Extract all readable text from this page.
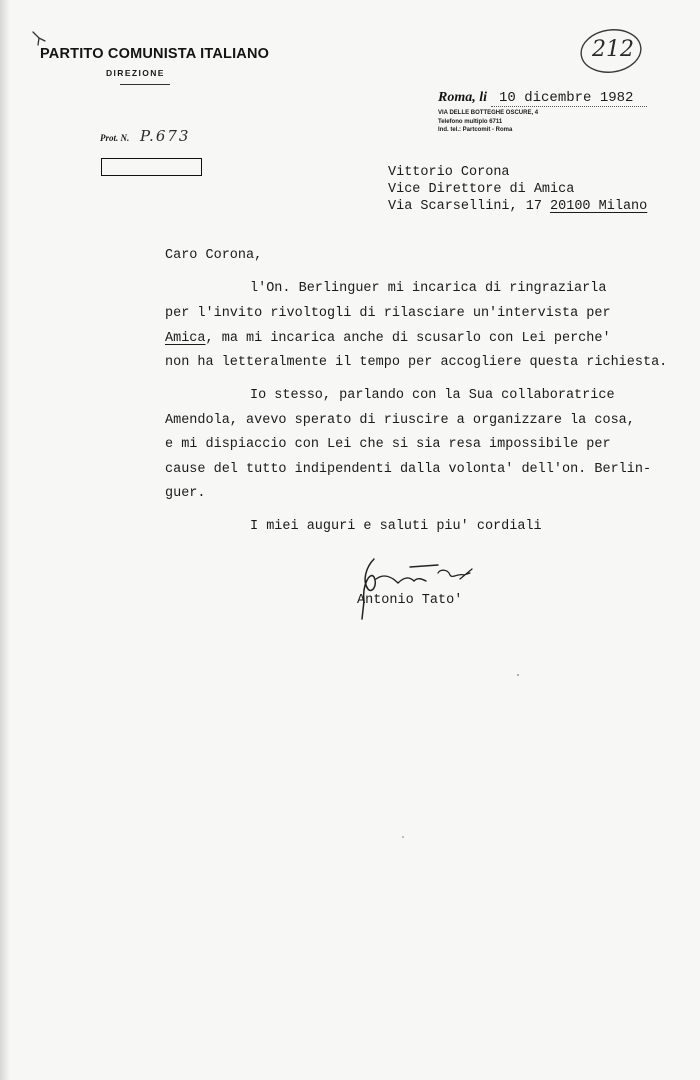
PARTITO COMUNISTA ITALIANO
DIREZIONE
212
Roma, li 10 dicembre 1982
VIA DELLE BOTTEGHE OSCURE, 4
Telefono multiplo 6711
Ind. tel.: Partcomit - Roma
Prot. N. P.673
Vittorio Corona
Vice Direttore di Amica
Via Scarsellini, 17 20100 Milano
Caro Corona,
l'On. Berlinguer mi incarica di ringraziarla
per l'invito rivoltogli di rilasciare un'intervista per
Amica, ma mi incarica anche di scusarlo con Lei perche'
non ha letteralmente il tempo per accogliere questa richiesta.
Io stesso, parlando con la Sua collaboratrice
Amendola, avevo sperato di riuscire a organizzare la cosa,
e mi dispiaccio con Lei che si sia resa impossibile per
cause del tutto indipendenti dalla volonta' dell'on. Berlin-
guer.
I miei auguri e saluti piu' cordiali
Antonio Tato'
